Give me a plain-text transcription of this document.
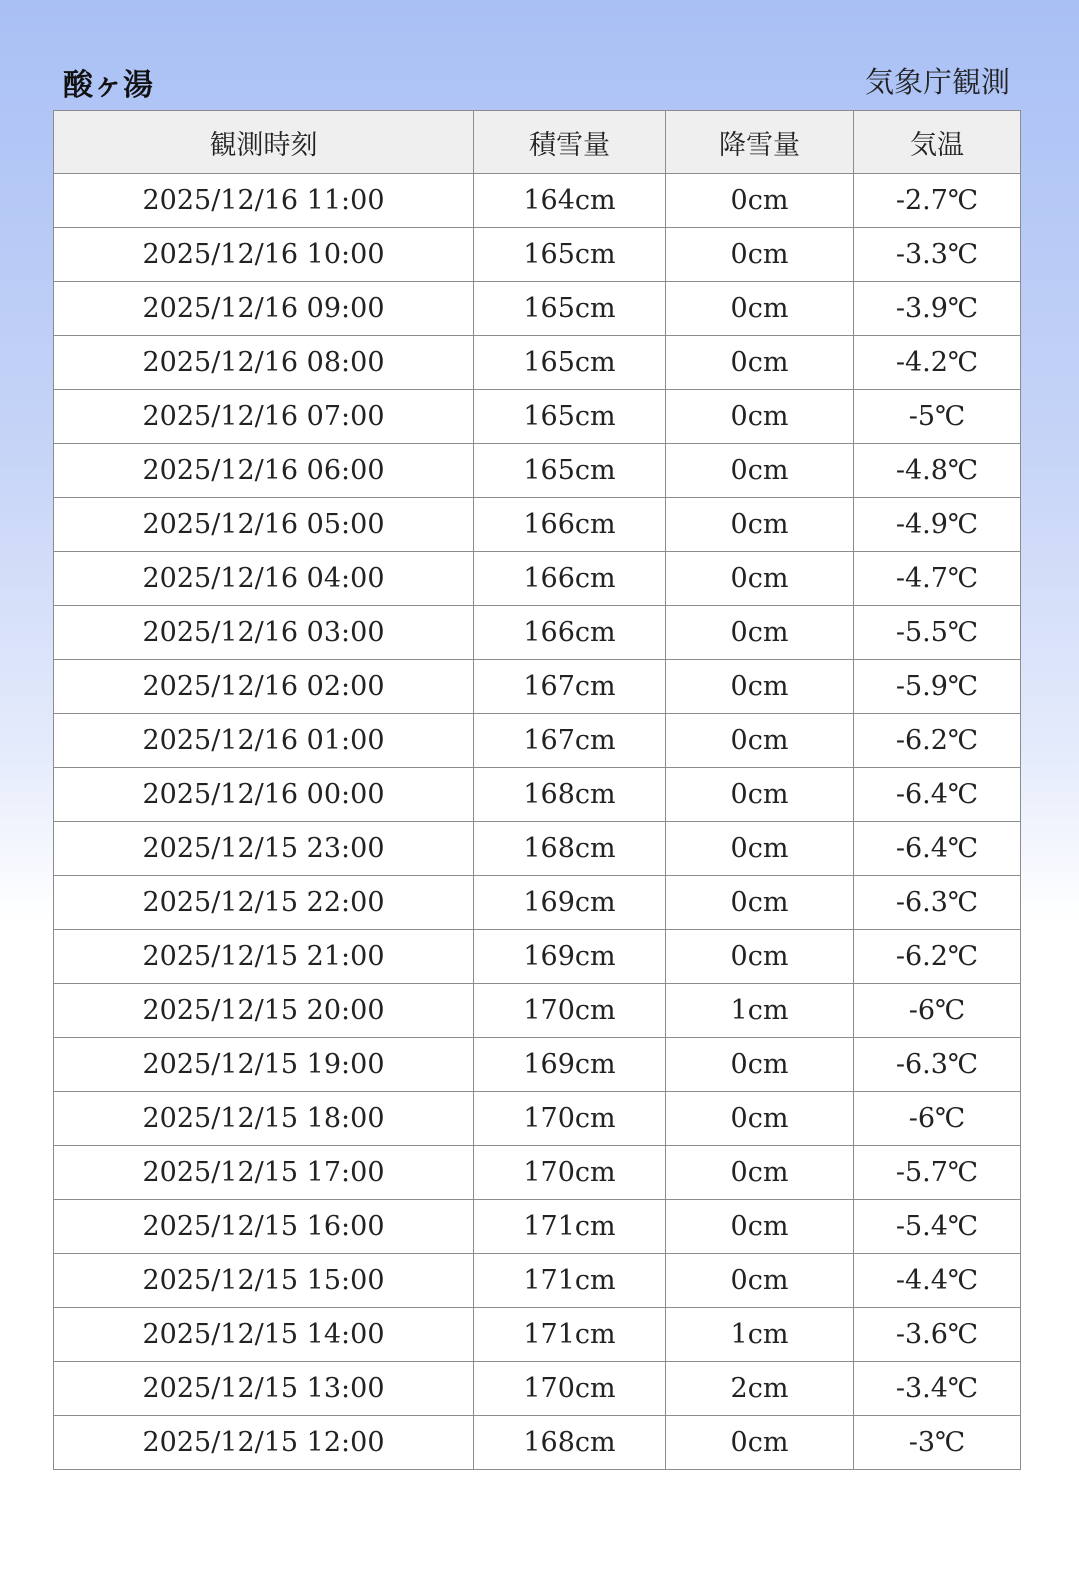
酸ヶ湯	気象庁観測
観測時刻	積雪量	降雪量	気温
2025/12/16 11:00	164cm	0cm	-2.7℃
2025/12/16 10:00	165cm	0cm	-3.3℃
2025/12/16 09:00	165cm	0cm	-3.9℃
2025/12/16 08:00	165cm	0cm	-4.2℃
2025/12/16 07:00	165cm	0cm	-5℃
2025/12/16 06:00	165cm	0cm	-4.8℃
2025/12/16 05:00	166cm	0cm	-4.9℃
2025/12/16 04:00	166cm	0cm	-4.7℃
2025/12/16 03:00	166cm	0cm	-5.5℃
2025/12/16 02:00	167cm	0cm	-5.9℃
2025/12/16 01:00	167cm	0cm	-6.2℃
2025/12/16 00:00	168cm	0cm	-6.4℃
2025/12/15 23:00	168cm	0cm	-6.4℃
2025/12/15 22:00	169cm	0cm	-6.3℃
2025/12/15 21:00	169cm	0cm	-6.2℃
2025/12/15 20:00	170cm	1cm	-6℃
2025/12/15 19:00	169cm	0cm	-6.3℃
2025/12/15 18:00	170cm	0cm	-6℃
2025/12/15 17:00	170cm	0cm	-5.7℃
2025/12/15 16:00	171cm	0cm	-5.4℃
2025/12/15 15:00	171cm	0cm	-4.4℃
2025/12/15 14:00	171cm	1cm	-3.6℃
2025/12/15 13:00	170cm	2cm	-3.4℃
2025/12/15 12:00	168cm	0cm	-3℃
